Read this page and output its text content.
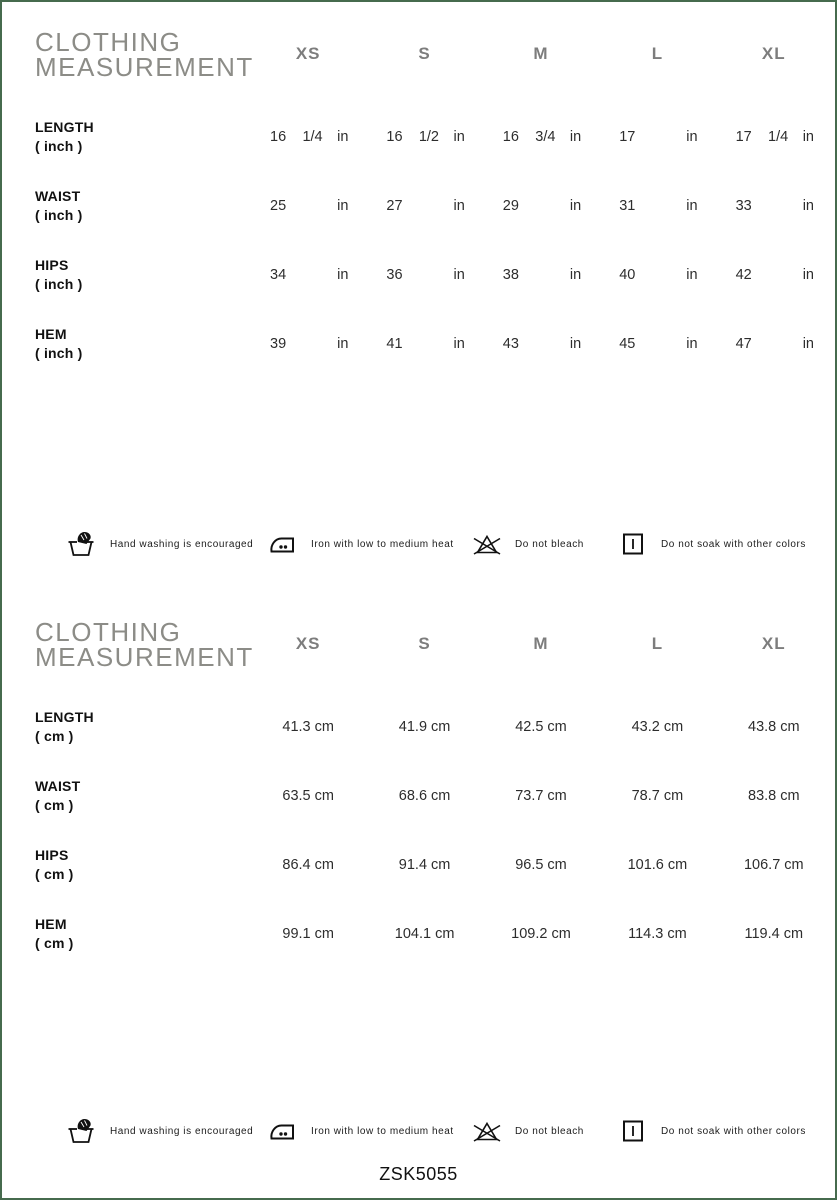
CLOTHING
MEASUREMENT	XS	S	M	L	XL
LENGTH
( inch )
16 1/4 in	16 1/2 in	16 3/4 in	17	in	17 1/4 in
WAIST
( inch )
25	in	27	in	29	in	31	in	33	in
HIPS
( inch )
34	in	36	in	38	in	40	in	42	in
HEM
( inch )
39	in	41	in	43	in	45	in	47	in
Hand washing is encouraged	Iron with low to medium heat	Do not bleach	Do not soak with other colors
CLOTHING
MEASUREMENT	XS	S	M	L	XL
LENGTH
( cm )
41.3 cm	41.9 cm	42.5 cm	43.2 cm	43.8 cm
WAIST
( cm )
63.5 cm	68.6 cm	73.7 cm	78.7 cm	83.8 cm
HIPS
( cm )
86.4 cm	91.4 cm	96.5 cm	101.6 cm	106.7 cm
HEM
( cm )
99.1 cm	104.1 cm	109.2 cm	114.3 cm	119.4 cm
Hand washing is encouraged	Iron with low to medium heat	Do not bleach	Do not soak with other colors
ZSK5055
